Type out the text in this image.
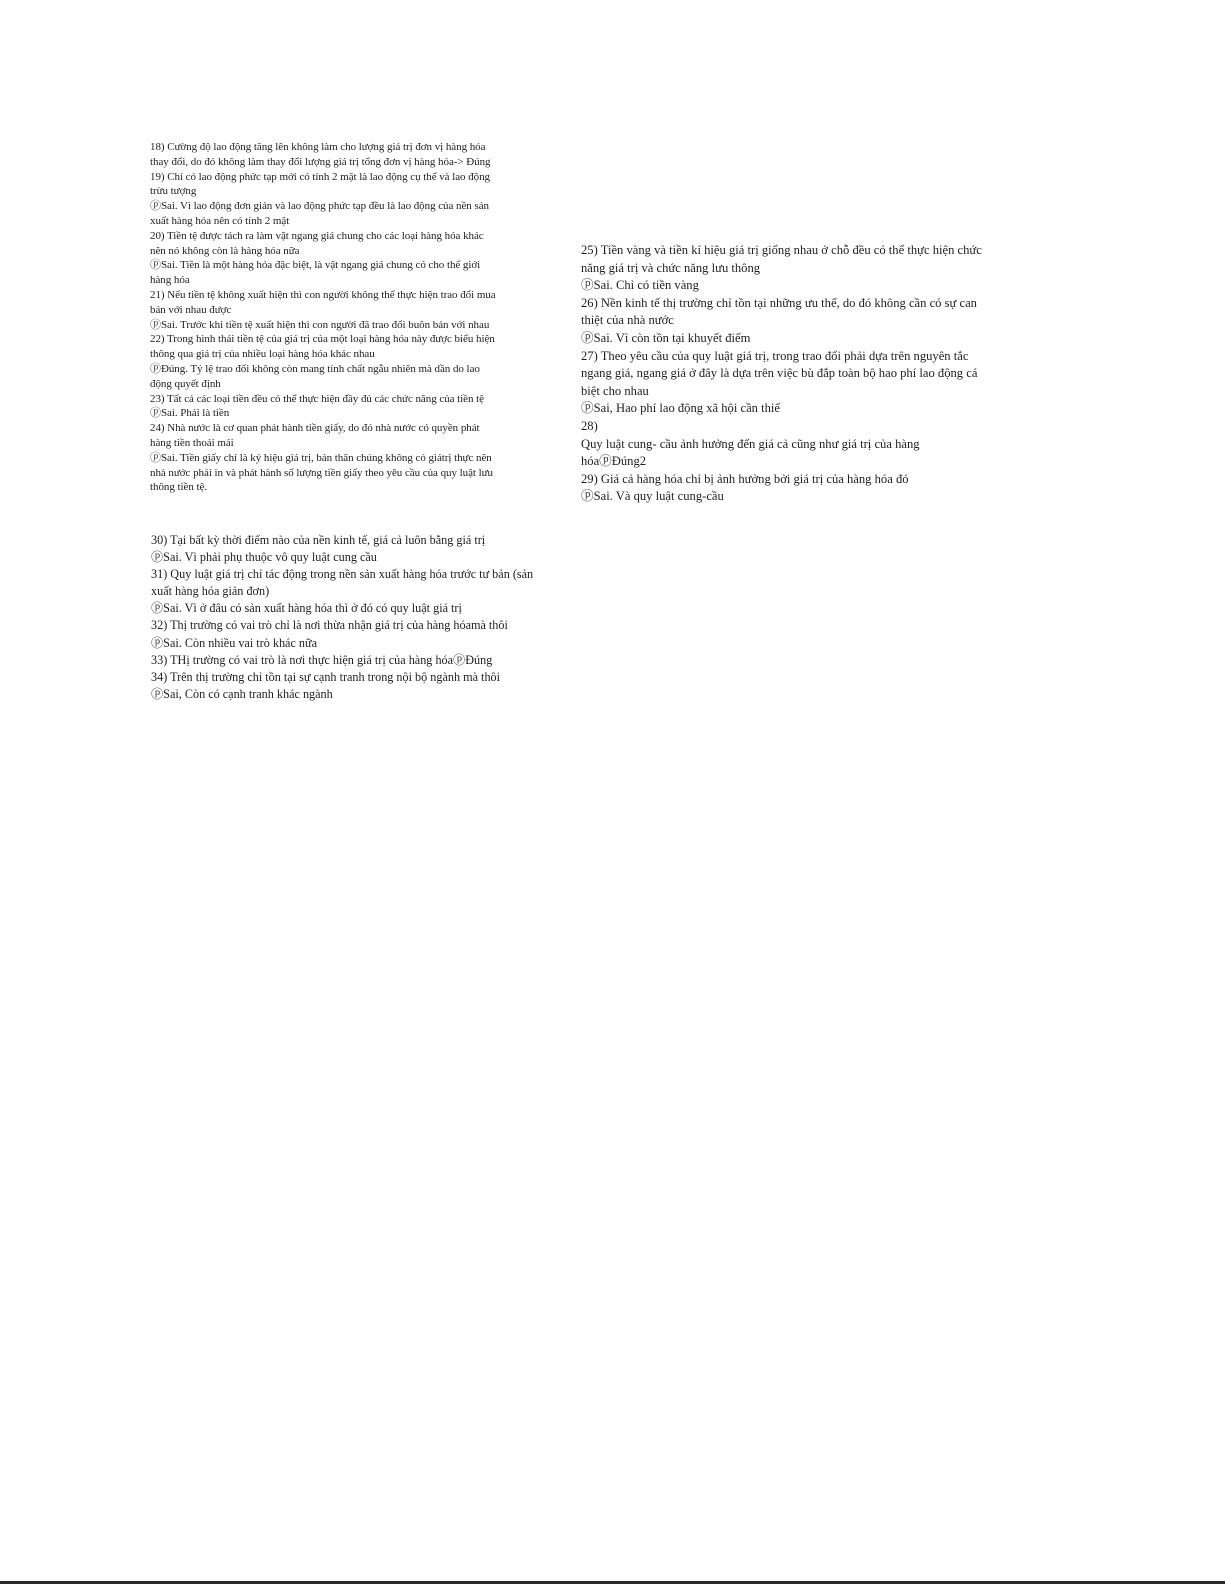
18) Cường độ lao động tăng lên không làm cho lượng giá trị đơn vị hàng hóa
thay đổi, do đó không làm thay đổi lượng giá trị tổng đơn vị hàng hóa-> Đúng
19) Chỉ có lao động phức tạp mới có tính 2 mặt là lao động cụ thể và lao động
trừu tượng
ⓟSai. Vì lao động đơn giản và lao động phức tạp đều là lao động của nền sản
xuất hàng hóa nên có tính 2 mặt
20) Tiền tệ được tách ra làm vật ngang giá chung cho các loại hàng hóa khác
nên nó không còn là hàng hóa nữa
ⓟSai. Tiền là một hàng hóa đặc biệt, là vật ngang giá chung có cho thế giới
hàng hóa
21) Nếu tiền tệ không xuất hiện thì con người không thể thực hiện trao đổi mua
bán với nhau được
ⓟSai. Trước khi tiền tệ xuất hiện thì con người đã trao đổi buôn bán với nhau
22) Trong hình thái tiền tệ của giá trị của một loại hàng hóa này được biểu hiện
thông qua giá trị của nhiều loại hàng hóa khác nhau
ⓟĐúng. Tỷ lệ trao đổi không còn mang tính chất ngẫu nhiên mà dần do lao
động quyết định
23) Tất cả các loại tiền đều có thể thực hiện đầy đủ các chức năng của tiền tệ
ⓟSai. Phải là tiền
24) Nhà nước là cơ quan phát hành tiền giấy, do đó nhà nước có quyền phát
hàng tiền thoải mái
ⓟSai. Tiền giấy chỉ là ký hiệu giá trị, bản thân chúng không có giátrị thực nên
nhà nước phải in và phát hành số lượng tiền giấy theo yêu cầu của quy luật lưu
thông tiền tệ.
25) Tiền vàng và tiền kí hiệu giá trị giống nhau ở chỗ đều có thể thực hiện chức
năng giá trị và chức năng lưu thông
ⓟSai. Chỉ có tiền vàng
26) Nền kinh tế thị trường chỉ tồn tại những ưu thế, do đó không cần có sự can
thiệt của nhà nước
ⓟSai. Vì còn tồn tại khuyết điểm
27) Theo yêu cầu của quy luật giá trị, trong trao đổi phải dựa trên nguyên tắc
ngang giá, ngang giá ở đây là dựa trên việc bù đắp toàn bộ hao phí lao động cá
biệt cho nhau
ⓟSai, Hao phí lao động xã hội cần thiế
28)
Quy luật cung- cầu ảnh hưởng đến giá cả cũng như giá trị của hàng
hóaⓟĐúng2
29) Giá cả hàng hóa chỉ bị ảnh hưởng bởi giá trị của hàng hóa đó
ⓟSai. Và quy luật cung-cầu
30) Tại bất kỳ thời điểm nào của nền kinh tế, giá cả luôn bằng giá trị
ⓟSai. Vì phải phụ thuộc vô quy luật cung cầu
31) Quy luật giá trị chỉ tác động trong nền sản xuất hàng hóa trước tư bản (sản
xuất hàng hóa giản đơn)
ⓟSai. Vì ở đâu có sản xuất hàng hóa thì ở đó có quy luật giá trị
32) Thị trường có vai trò chỉ là nơi thừa nhận giá trị của hàng hóamà thôi
ⓟSai. Còn nhiều vai trò khác nữa
33) THị trường có vai trò là nơi thực hiện giá trị của hàng hóaⓟĐúng
34) Trên thị trường chỉ tồn tại sự cạnh tranh trong nội bộ ngành mà thôi
ⓟSai, Còn có cạnh tranh khác ngành
